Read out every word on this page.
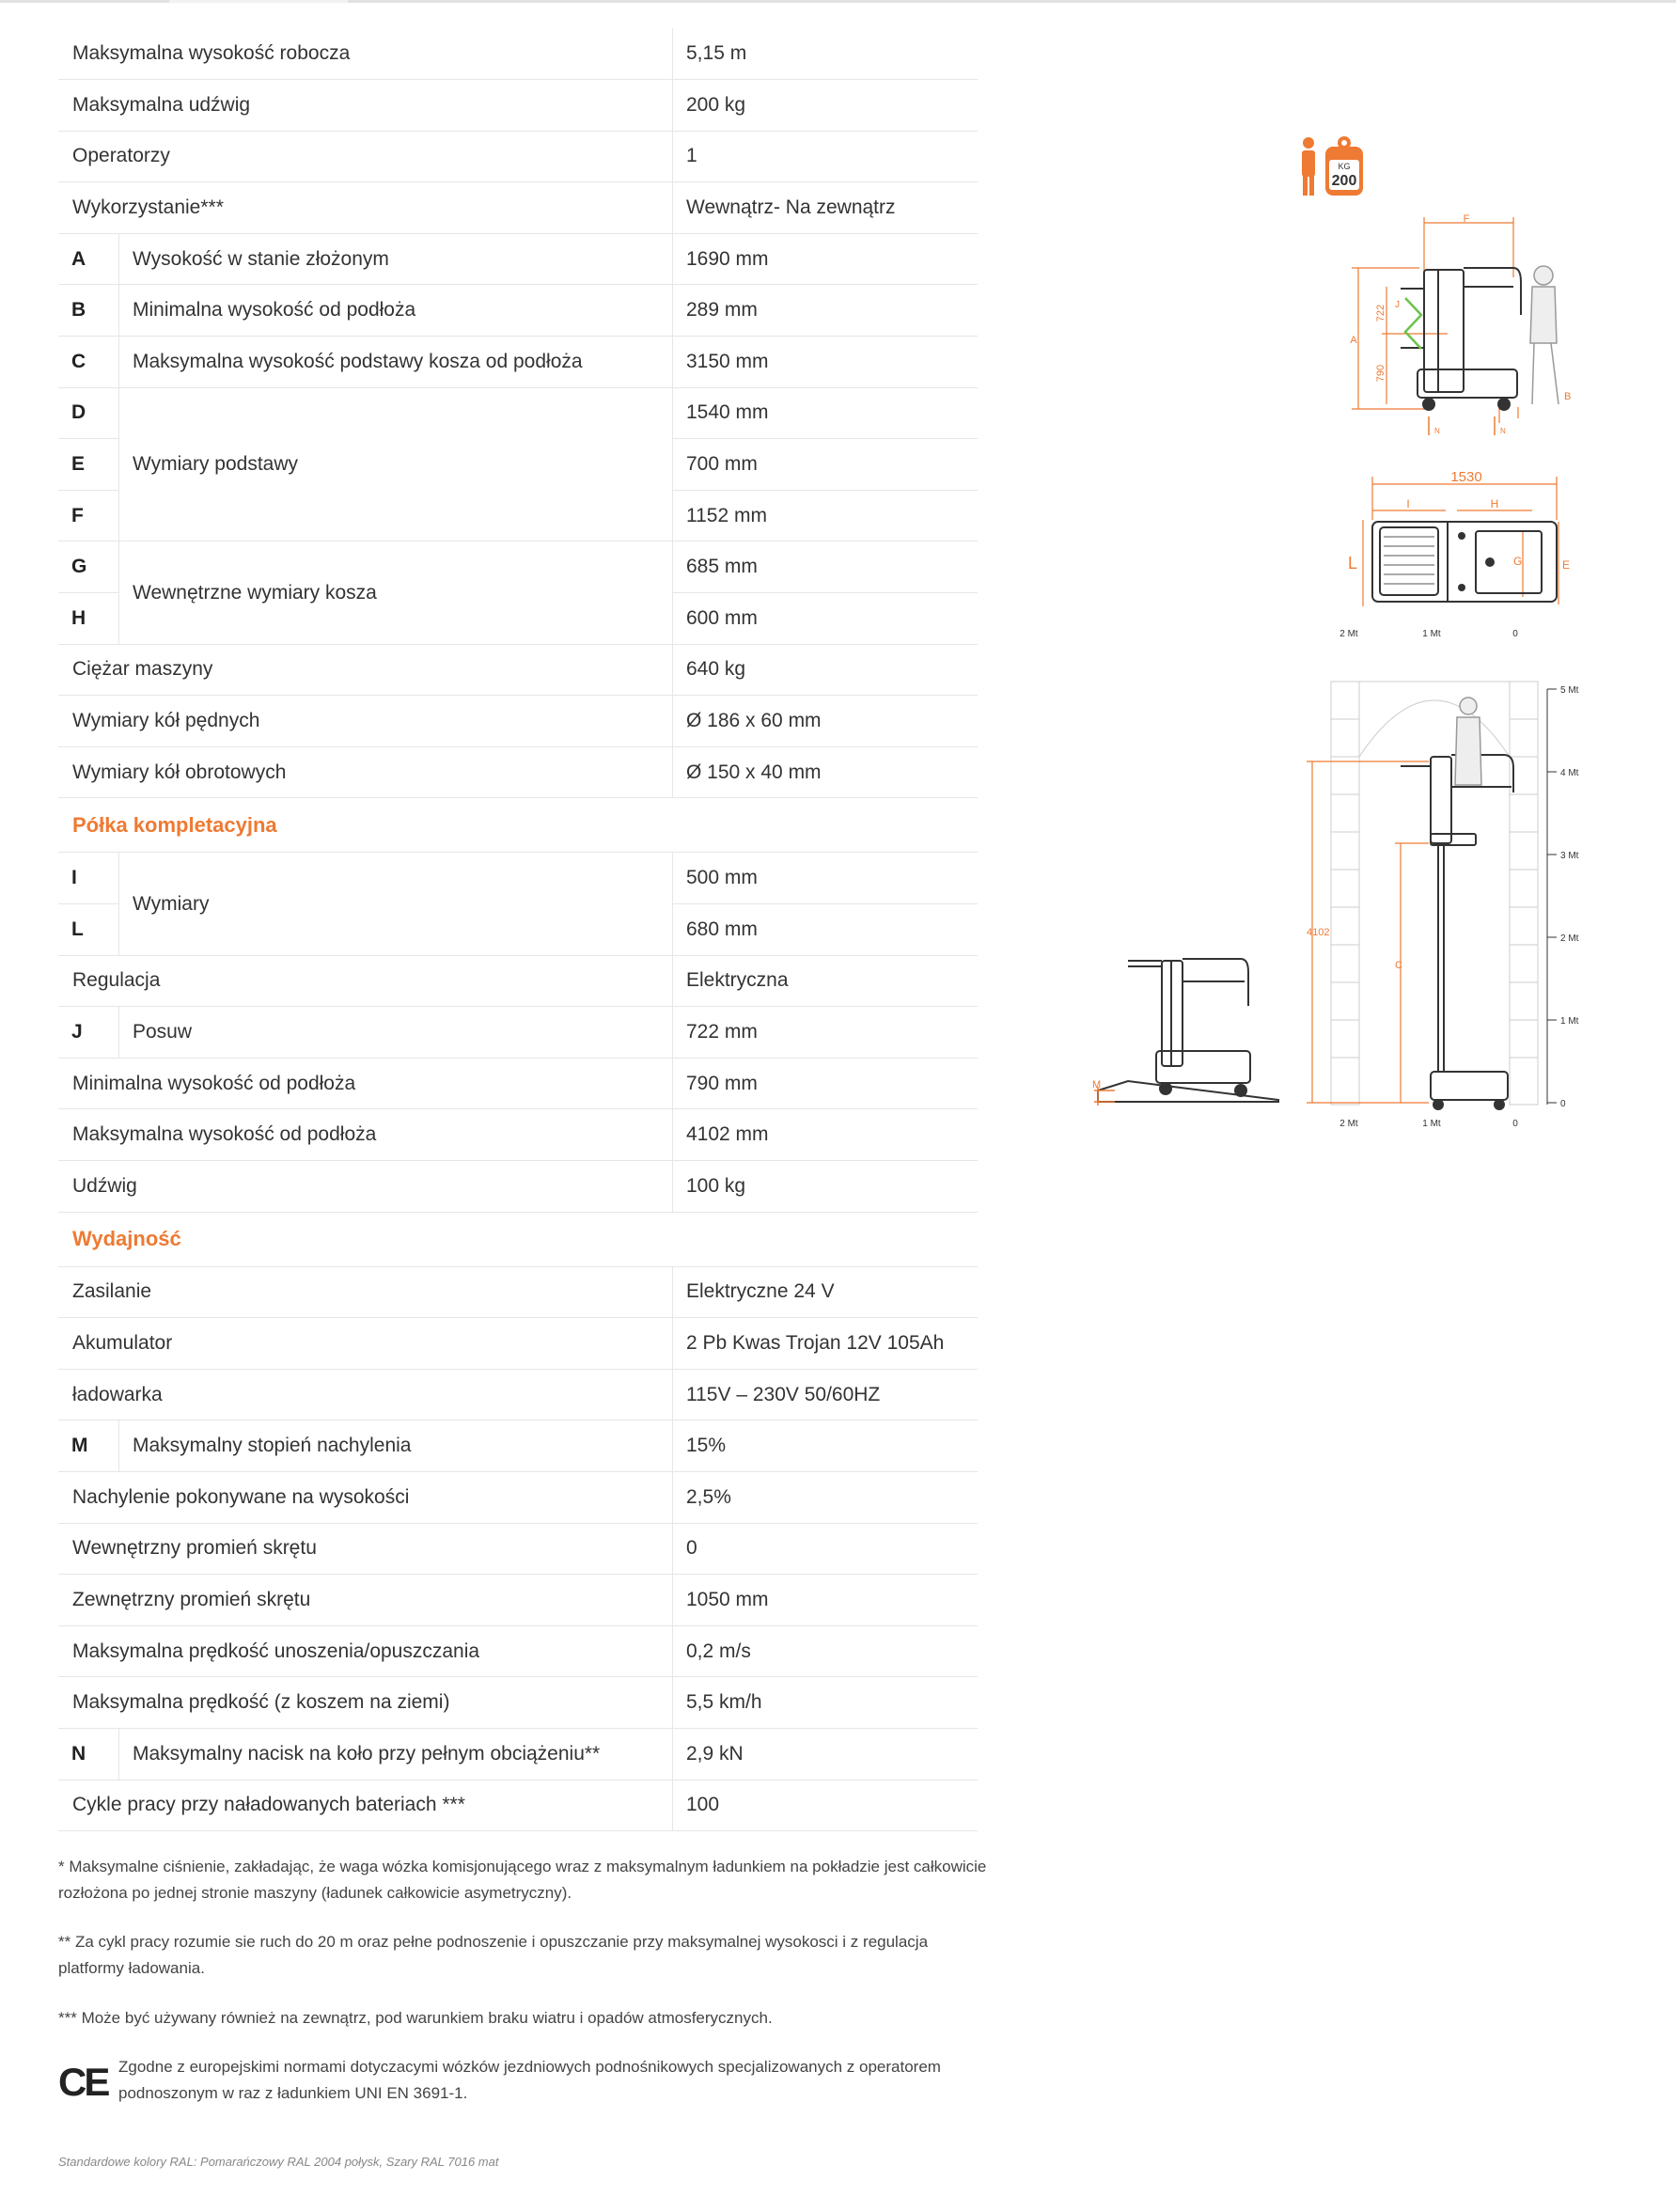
Maksymalna wysokość robocza		5,15 m
Maksymalna udźwig		200 kg
Operatorzy		1
Wykorzystanie***		Wewnątrz- Na zewnątrz
A	Wysokość w stanie złożonym	1690 mm
B	Minimalna wysokość od podłoża	289 mm
C	Maksymalna wysokość podstawy kosza od podłoża	3150 mm
D	Wymiary podstawy	1540 mm
E		700 mm
F		1152 mm
G	Wewnętrzne wymiary kosza	685 mm
H		600 mm
Ciężar maszyny		640 kg
Wymiary kół pędnych		Ø 186 x 60 mm
Wymiary kół obrotowych		Ø 150 x 40 mm
Półka kompletacyjna		
I	Wymiary	500 mm
L		680 mm
Regulacja		Elektryczna
J	Posuw	722 mm
Minimalna wysokość od podłoża		790 mm
Maksymalna wysokość od podłoża		4102 mm
Udźwig		100 kg
Wydajność		
Zasilanie		Elektryczne 24 V
Akumulator		2 Pb Kwas Trojan 12V 105Ah
ładowarka		115V – 230V 50/60HZ
M	Maksymalny stopień nachylenia	15%
Nachylenie pokonywane na wysokości		2,5%
Wewnętrzny promień skrętu		0
Zewnętrzny promień skrętu		1050 mm
Maksymalna prędkość unoszenia/opuszczania		0,2 m/s
Maksymalna prędkość (z koszem na ziemi)		5,5 km/h
N	Maksymalny nacisk na koło przy pełnym obciążeniu**	2,9 kN
Cykle pracy przy naładowanych bateriach ***		100
* Maksymalne ciśnienie, zakładając, że waga wózka komisjonującego wraz z maksymalnym ładunkiem na pokładzie jest całkowicie rozłożona po jednej stronie maszyny (ładunek całkowicie asymetryczny).
** Za cykl pracy rozumie sie ruch do 20 m oraz pełne podnoszenie i opuszczanie przy maksymalnej wysokosci i z regulacja platformy ładowania.
*** Może być używany również na zewnątrz, pod warunkiem braku wiatru i opadów atmosferycznych.
CE Zgodne z europejskimi normami dotyczacymi wózków jezdniowych podnośnikowych specjalizowanych z operatorem podnoszonym w raz z ładunkiem UNI EN 3691-1.
Standardowe kolory RAL: Pomarańczowy RAL 2004 połysk, Szary RAL 7016 mat
KG
200
F
A
722
790
J
B
N	N
1530
I	H
L	G	E
2 Mt	1 Mt	0
2 Mt	1 Mt	0
5 Mt
4 Mt
3 Mt
2 Mt
1 Mt
0
4102
C
M
